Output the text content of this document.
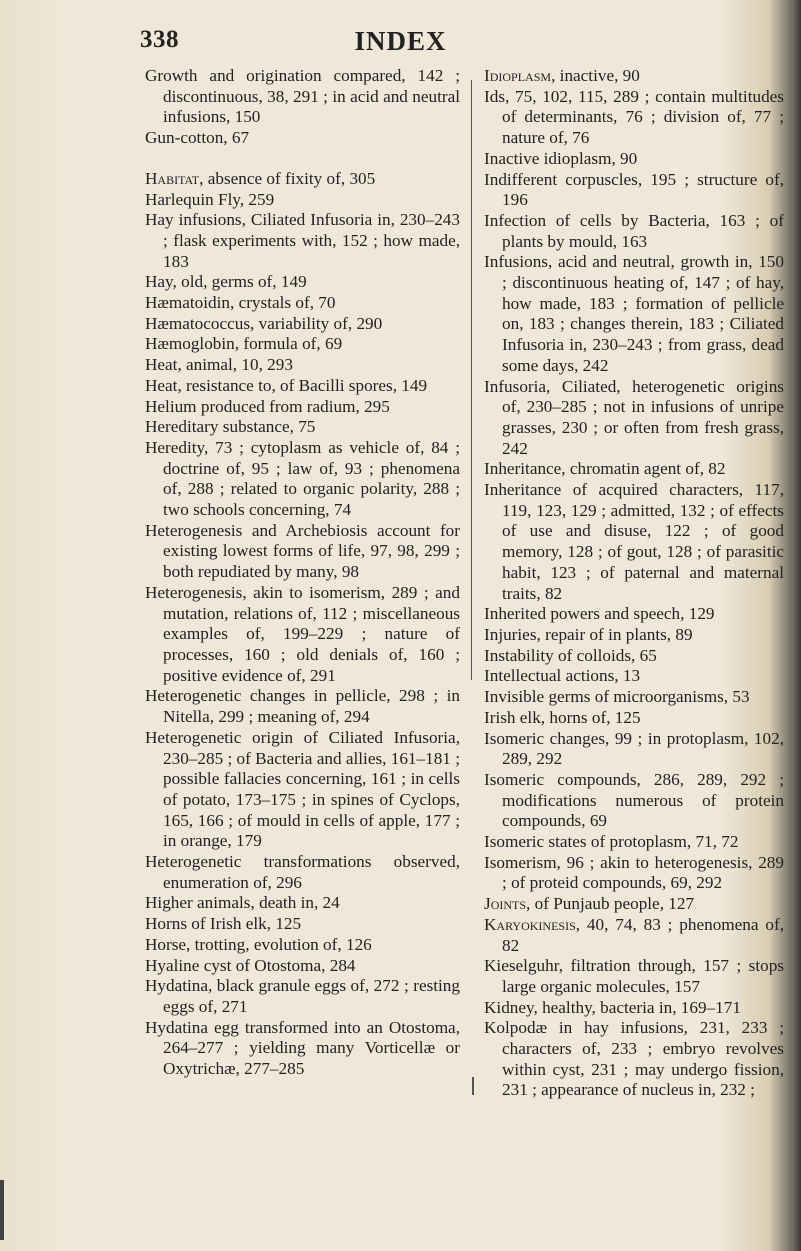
338	INDEX
Growth and origination compared, 142 ; discontinuous, 38, 291 ; in acid and neutral infusions, 150
Gun-cotton, 67
Habitat, absence of fixity of, 305
Harlequin Fly, 259
Hay infusions, Ciliated Infusoria in, 230–243 ; flask experiments with, 152 ; how made, 183
Hay, old, germs of, 149
Hæmatoidin, crystals of, 70
Hæmatococcus, variability of, 290
Hæmoglobin, formula of, 69
Heat, animal, 10, 293
Heat, resistance to, of Bacilli spores, 149
Helium produced from radium, 295
Hereditary substance, 75
Heredity, 73 ; cytoplasm as vehicle of, 84 ; doctrine of, 95 ; law of, 93 ; phenomena of, 288 ; related to organic polarity, 288 ; two schools concerning, 74
Heterogenesis and Archebiosis account for existing lowest forms of life, 97, 98, 299 ; both repudiated by many, 98
Heterogenesis, akin to isomerism, 289 ; and mutation, relations of, 112 ; miscellaneous examples of, 199–229 ; nature of processes, 160 ; old denials of, 160 ; positive evidence of, 291
Heterogenetic changes in pellicle, 298 ; in Nitella, 299 ; meaning of, 294
Heterogenetic origin of Ciliated Infusoria, 230–285 ; of Bacteria and allies, 161–181 ; possible fallacies concerning, 161 ; in cells of potato, 173–175 ; in spines of Cyclops, 165, 166 ; of mould in cells of apple, 177 ; in orange, 179
Heterogenetic transformations observed, enumeration of, 296
Higher animals, death in, 24
Horns of Irish elk, 125
Horse, trotting, evolution of, 126
Hyaline cyst of Otostoma, 284
Hydatina, black granule eggs of, 272 ; resting eggs of, 271
Hydatina egg transformed into an Otostoma, 264–277 ; yielding many Vorticellæ or Oxytrichæ, 277–285
Idioplasm, inactive, 90
Ids, 75, 102, 115, 289 ; contain multitudes of determinants, 76 ; division of, 77 ; nature of, 76
Inactive idioplasm, 90
Indifferent corpuscles, 195 ; structure of, 196
Infection of cells by Bacteria, 163 ; of plants by mould, 163
Infusions, acid and neutral, growth in, 150 ; discontinuous heating of, 147 ; of hay, how made, 183 ; formation of pellicle on, 183 ; changes therein, 183 ; Ciliated Infusoria in, 230–243 ; from grass, dead some days, 242
Infusoria, Ciliated, heterogenetic origins of, 230–285 ; not in infusions of unripe grasses, 230 ; or often from fresh grass, 242
Inheritance, chromatin agent of, 82
Inheritance of acquired characters, 117, 119, 123, 129 ; admitted, 132 ; of effects of use and disuse, 122 ; of good memory, 128 ; of gout, 128 ; of parasitic habit, 123 ; of paternal and maternal traits, 82
Inherited powers and speech, 129
Injuries, repair of in plants, 89
Instability of colloids, 65
Intellectual actions, 13
Invisible germs of microorganisms, 53
Irish elk, horns of, 125
Isomeric changes, 99 ; in protoplasm, 102, 289, 292
Isomeric compounds, 286, 289, 292 ; modifications numerous of protein compounds, 69
Isomeric states of protoplasm, 71, 72
Isomerism, 96 ; akin to heterogenesis, 289 ; of proteid compounds, 69, 292
Joints, of Punjaub people, 127
Karyokinesis, 40, 74, 83 ; phenomena of, 82
Kieselguhr, filtration through, 157 ; stops large organic molecules, 157
Kidney, healthy, bacteria in, 169–171
Kolpodæ in hay infusions, 231, 233 ; characters of, 233 ; embryo revolves within cyst, 231 ; may undergo fission, 231 ; appearance of nucleus in, 232 ;
